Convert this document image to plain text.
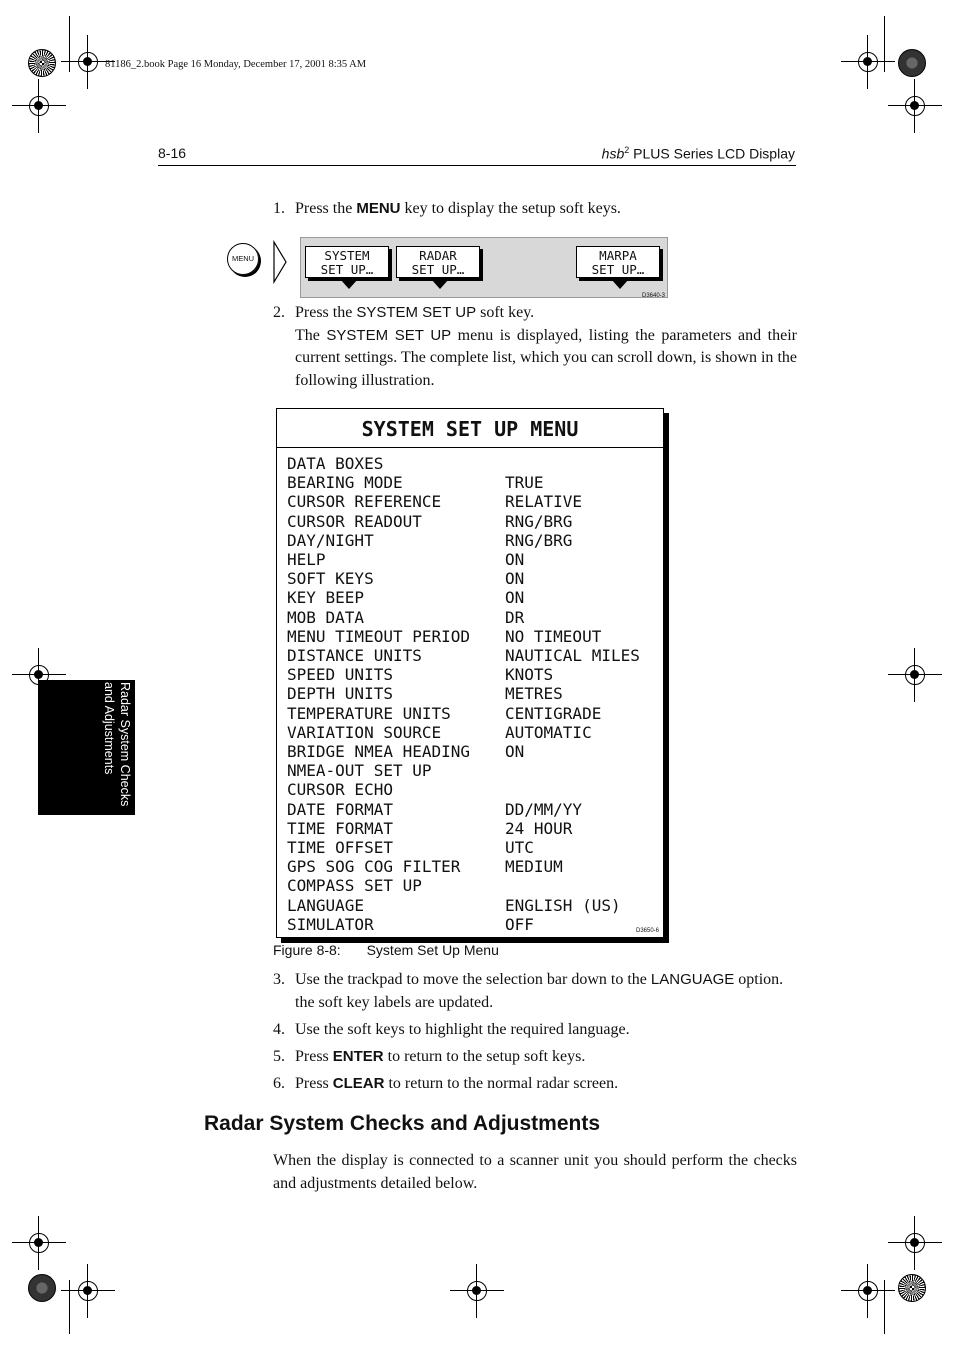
81186_2.book Page 16 Monday, December 17, 2001 8:35 AM
8-16	hsb$^2$ PLUS Series LCD Display
1. Press the MENU key to display the setup soft keys.
MENU	SYSTEM
SET UP…
RADAR
SET UP…
MARPA
SET UP…
D3640-3
2. Press the SYSTEM SET UP soft key.
The SYSTEM SET UP menu is displayed, listing the parameters and their current settings. The complete list, which you can scroll down, is shown in the following illustration.
SYSTEM SET UP MENU
DATA BOXES
BEARING MODE	TRUE
CURSOR REFERENCE	RELATIVE
CURSOR READOUT	RNG/BRG
DAY/NIGHT	RNG/BRG
HELP	ON
SOFT KEYS	ON
KEY BEEP	ON
MOB DATA	DR
MENU TIMEOUT PERIOD NO TIMEOUT
DISTANCE UNITS	NAUTICAL MILES
SPEED UNITS	KNOTS
DEPTH UNITS	METRES
TEMPERATURE UNITS	CENTIGRADE
VARIATION SOURCE	AUTOMATIC
BRIDGE NMEA HEADING ON
NMEA-OUT SET UP
CURSOR ECHO
DATE FORMAT	DD/MM/YY
TIME FORMAT	24 HOUR
TIME OFFSET	UTC
GPS SOG COG FILTER	MEDIUM
COMPASS SET UP
LANGUAGE	ENGLISH (US)
SIMULATOR	OFF	D3650-6
Figure 8-8: System Set Up Menu
3. Use the trackpad to move the selection bar down to the LANGUAGE option. the soft key labels are updated.
4. Use the soft keys to highlight the required language.
5. Press ENTER to return to the setup soft keys.
6. Press CLEAR to return to the normal radar screen.
Radar System Checks and Adjustments
When the display is connected to a scanner unit you should perform the checks and adjustments detailed below.
Radar System Checks
and Adjustments
